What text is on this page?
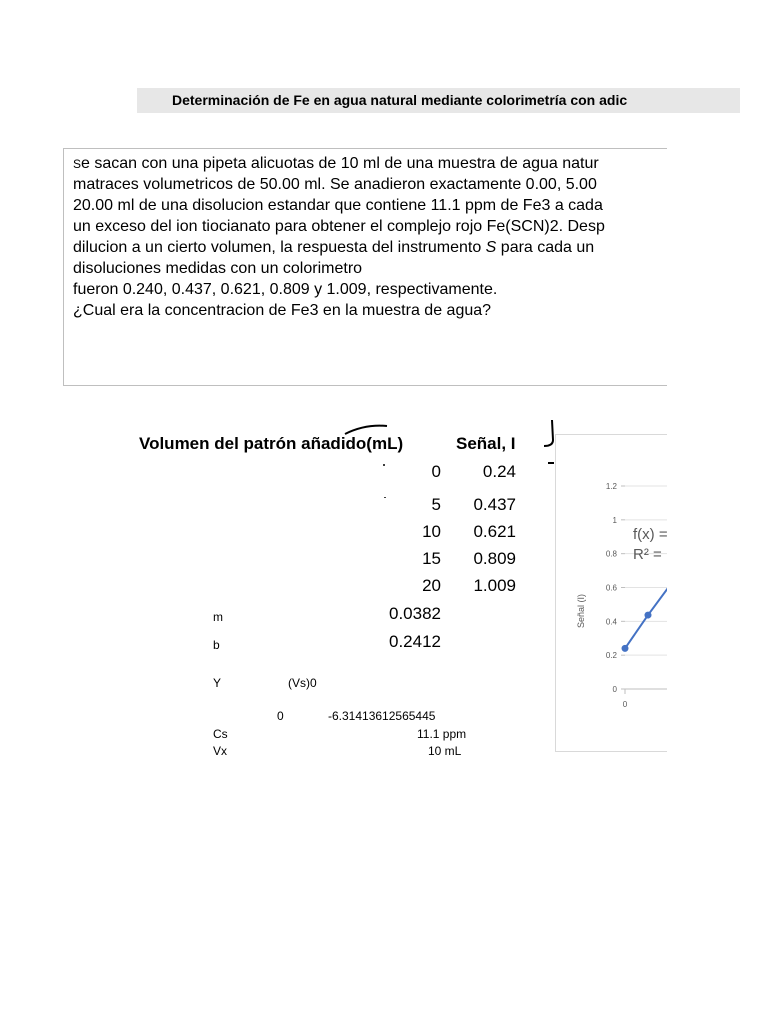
Determinación de Fe en agua natural mediante colorimetría con adic
Se sacan con una pipeta alicuotas de 10 ml de una muestra de agua natur
matraces volumetricos de 50.00 ml. Se anadieron exactamente 0.00, 5.00
20.00 ml de una disolucion estandar que contiene 11.1 ppm de Fe3 a cada
un exceso del ion tiocianato para obtener el complejo rojo Fe(SCN)2. Desp
dilucion a un cierto volumen, la respuesta del instrumento S para cada un
disoluciones medidas con un colorimetro
fueron 0.240, 0.437, 0.621, 0.809 y 1.009, respectivamente.
¿Cual era la concentracion de Fe3 en la muestra de agua?
Volumen del patrón añadido(mL)	Señal, I
0	0.24
5	0.437
10	0.621
15	0.809
20	1.009
m	0.0382
b	0.2412
Y	(Vs)0
0	-6.31413612565445
Cs	11.1 ppm
Vx	10 mL
0
0.2
0.4
0.6
0.8
1
1.2
Señal (I)
0
f(x) =
R² =
